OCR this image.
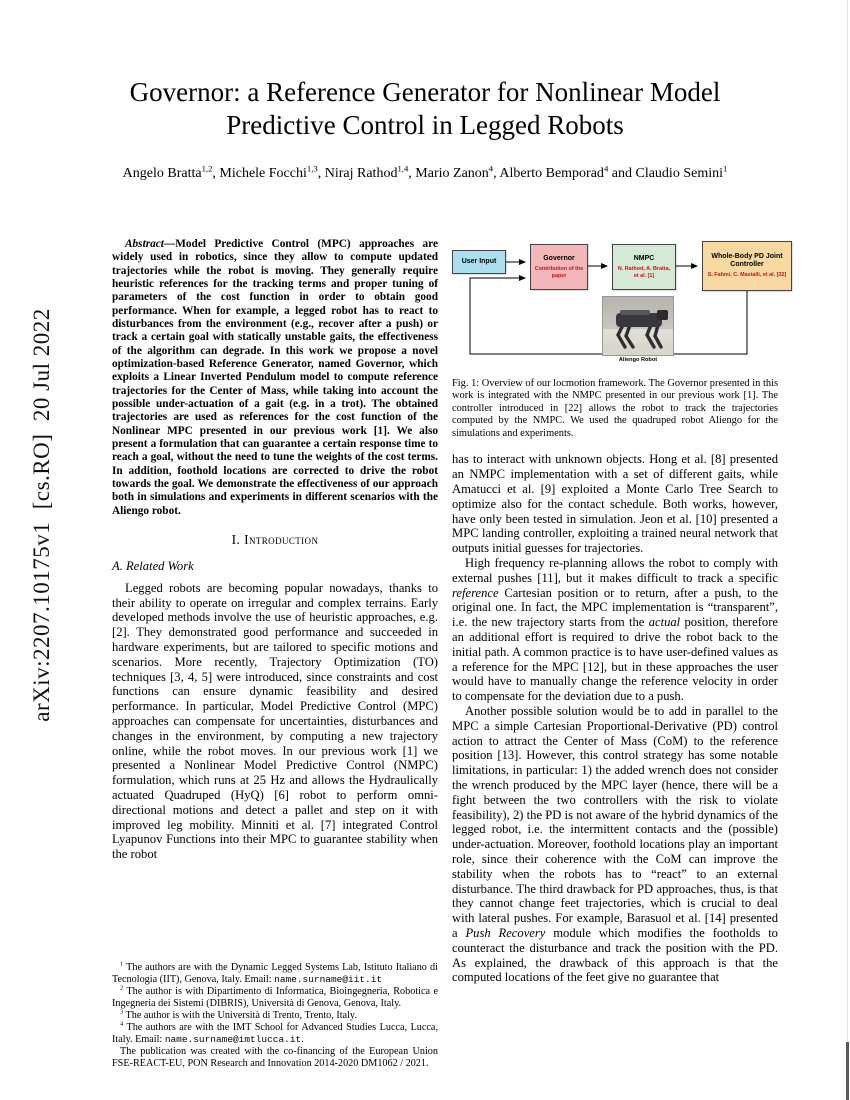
arXiv:2207.10175v1  [cs.RO]  20 Jul 2022
Governor: a Reference Generator for Nonlinear Model Predictive Control in Legged Robots
Angelo Bratta$^{1,2}$, Michele Focchi$^{1,3}$, Niraj Rathod$^{1,4}$, Mario Zanon$^4$, Alberto Bemporad$^4$ and Claudio Semini$^1$

Abstract—Model Predictive Control (MPC) approaches are widely used in robotics, since they allow to compute updated trajectories while the robot is moving. They generally require heuristic references for the tracking terms and proper tuning of parameters of the cost function in order to obtain good performance. When for example, a legged robot has to react to disturbances from the environment (e.g., recover after a push) or track a certain goal with statically unstable gaits, the effectiveness of the algorithm can degrade. In this work we propose a novel optimization-based Reference Generator, named Governor, which exploits a Linear Inverted Pendulum model to compute reference trajectories for the Center of Mass, while taking into account the possible under-actuation of a gait (e.g. in a trot). The obtained trajectories are used as references for the cost function of the Nonlinear MPC presented in our previous work [1]. We also present a formulation that can guarantee a certain response time to reach a goal, without the need to tune the weights of the cost terms. In addition, foothold locations are corrected to drive the robot towards the goal. We demonstrate the effectiveness of our approach both in simulations and experiments in different scenarios with the Aliengo robot.

I. Introduction
A. Related Work

Legged robots are becoming popular nowadays, thanks to their ability to operate on irregular and complex terrains. Early developed methods involve the use of heuristic approaches, e.g. [2]. They demonstrated good performance and succeeded in hardware experiments, but are tailored to specific motions and scenarios. More recently, Trajectory Optimization (TO) techniques [3, 4, 5] were introduced, since constraints and cost functions can ensure dynamic feasibility and desired performance. In particular, Model Predictive Control (MPC) approaches can compensate for uncertainties, disturbances and changes in the environment, by computing a new trajectory online, while the robot moves. In our previous work [1] we presented a Nonlinear Model Predictive Control (NMPC) formulation, which runs at 25 Hz and allows the Hydraulically actuated Quadruped (HyQ) [6] robot to perform omni-directional motions and detect a pallet and step on it with improved leg mobility. Minniti et al. [7] integrated Control Lyapunov Functions into their MPC to guarantee stability when the robot

$^1$ The authors are with the Dynamic Legged Systems Lab, Istituto Italiano di Tecnologia (IIT), Genova, Italy. Email: name.surname@iit.it

$^2$ The author is with Dipartimento di Informatica, Bioingegneria, Robotica e Ingegneria dei Sistemi (DIBRIS), Università di Genova, Genova, Italy.

$^3$ The author is with the Università di Trento, Trento, Italy.

$^4$ The authors are with the IMT School for Advanced Studies Lucca, Lucca, Italy. Email: name.surname@imtlucca.it.

The publication was created with the co-financing of the European Union FSE-REACT-EU, PON Research and Innovation 2014-2020 DM1062 / 2021.

User Input	Governor
Contribution of the paper
NMPC
N. Rathod, A. Bratta, et al. [1]
Whole-Body PD Joint Controller
S. Fahmi, C. Mastalli, et al. [22]
Aliengo Robot
Fig. 1: Overview of our locmotion framework. The Governor presented in this work is integrated with the NMPC presented in our previous work [1]. The controller introduced in [22] allows the robot to track the trajectories computed by the NMPC. We used the quadruped robot Aliengo for the simulations and experiments.

has to interact with unknown objects. Hong et al. [8] presented an NMPC implementation with a set of different gaits, while Amatucci et al. [9] exploited a Monte Carlo Tree Search to optimize also for the contact schedule. Both works, however, have only been tested in simulation. Jeon et al. [10] presented a MPC landing controller, exploiting a trained neural network that outputs initial guesses for trajectories.

High frequency re-planning allows the robot to comply with external pushes [11], but it makes difficult to track a specific reference Cartesian position or to return, after a push, to the original one. In fact, the MPC implementation is “transparent”, i.e. the new trajectory starts from the actual position, therefore an additional effort is required to drive the robot back to the initial path. A common practice is to have user-defined values as a reference for the MPC [12], but in these approaches the user would have to manually change the reference velocity in order to compensate for the deviation due to a push.

Another possible solution would be to add in parallel to the MPC a simple Cartesian Proportional-Derivative (PD) control action to attract the Center of Mass (CoM) to the reference position [13]. However, this control strategy has some notable limitations, in particular: 1) the added wrench does not consider the wrench produced by the MPC layer (hence, there will be a fight between the two controllers with the risk to violate feasibility), 2) the PD is not aware of the hybrid dynamics of the legged robot, i.e. the intermittent contacts and the (possible) under-actuation. Moreover, foothold locations play an important role, since their coherence with the CoM can improve the stability when the robots has to “react” to an external disturbance. The third drawback for PD approaches, thus, is that they cannot change feet trajectories, which is crucial to deal with lateral pushes. For example, Barasuol et al. [14] presented a Push Recovery module which modifies the footholds to counteract the disturbance and track the position with the PD. As explained, the drawback of this approach is that the computed locations of the feet give no guarantee that
